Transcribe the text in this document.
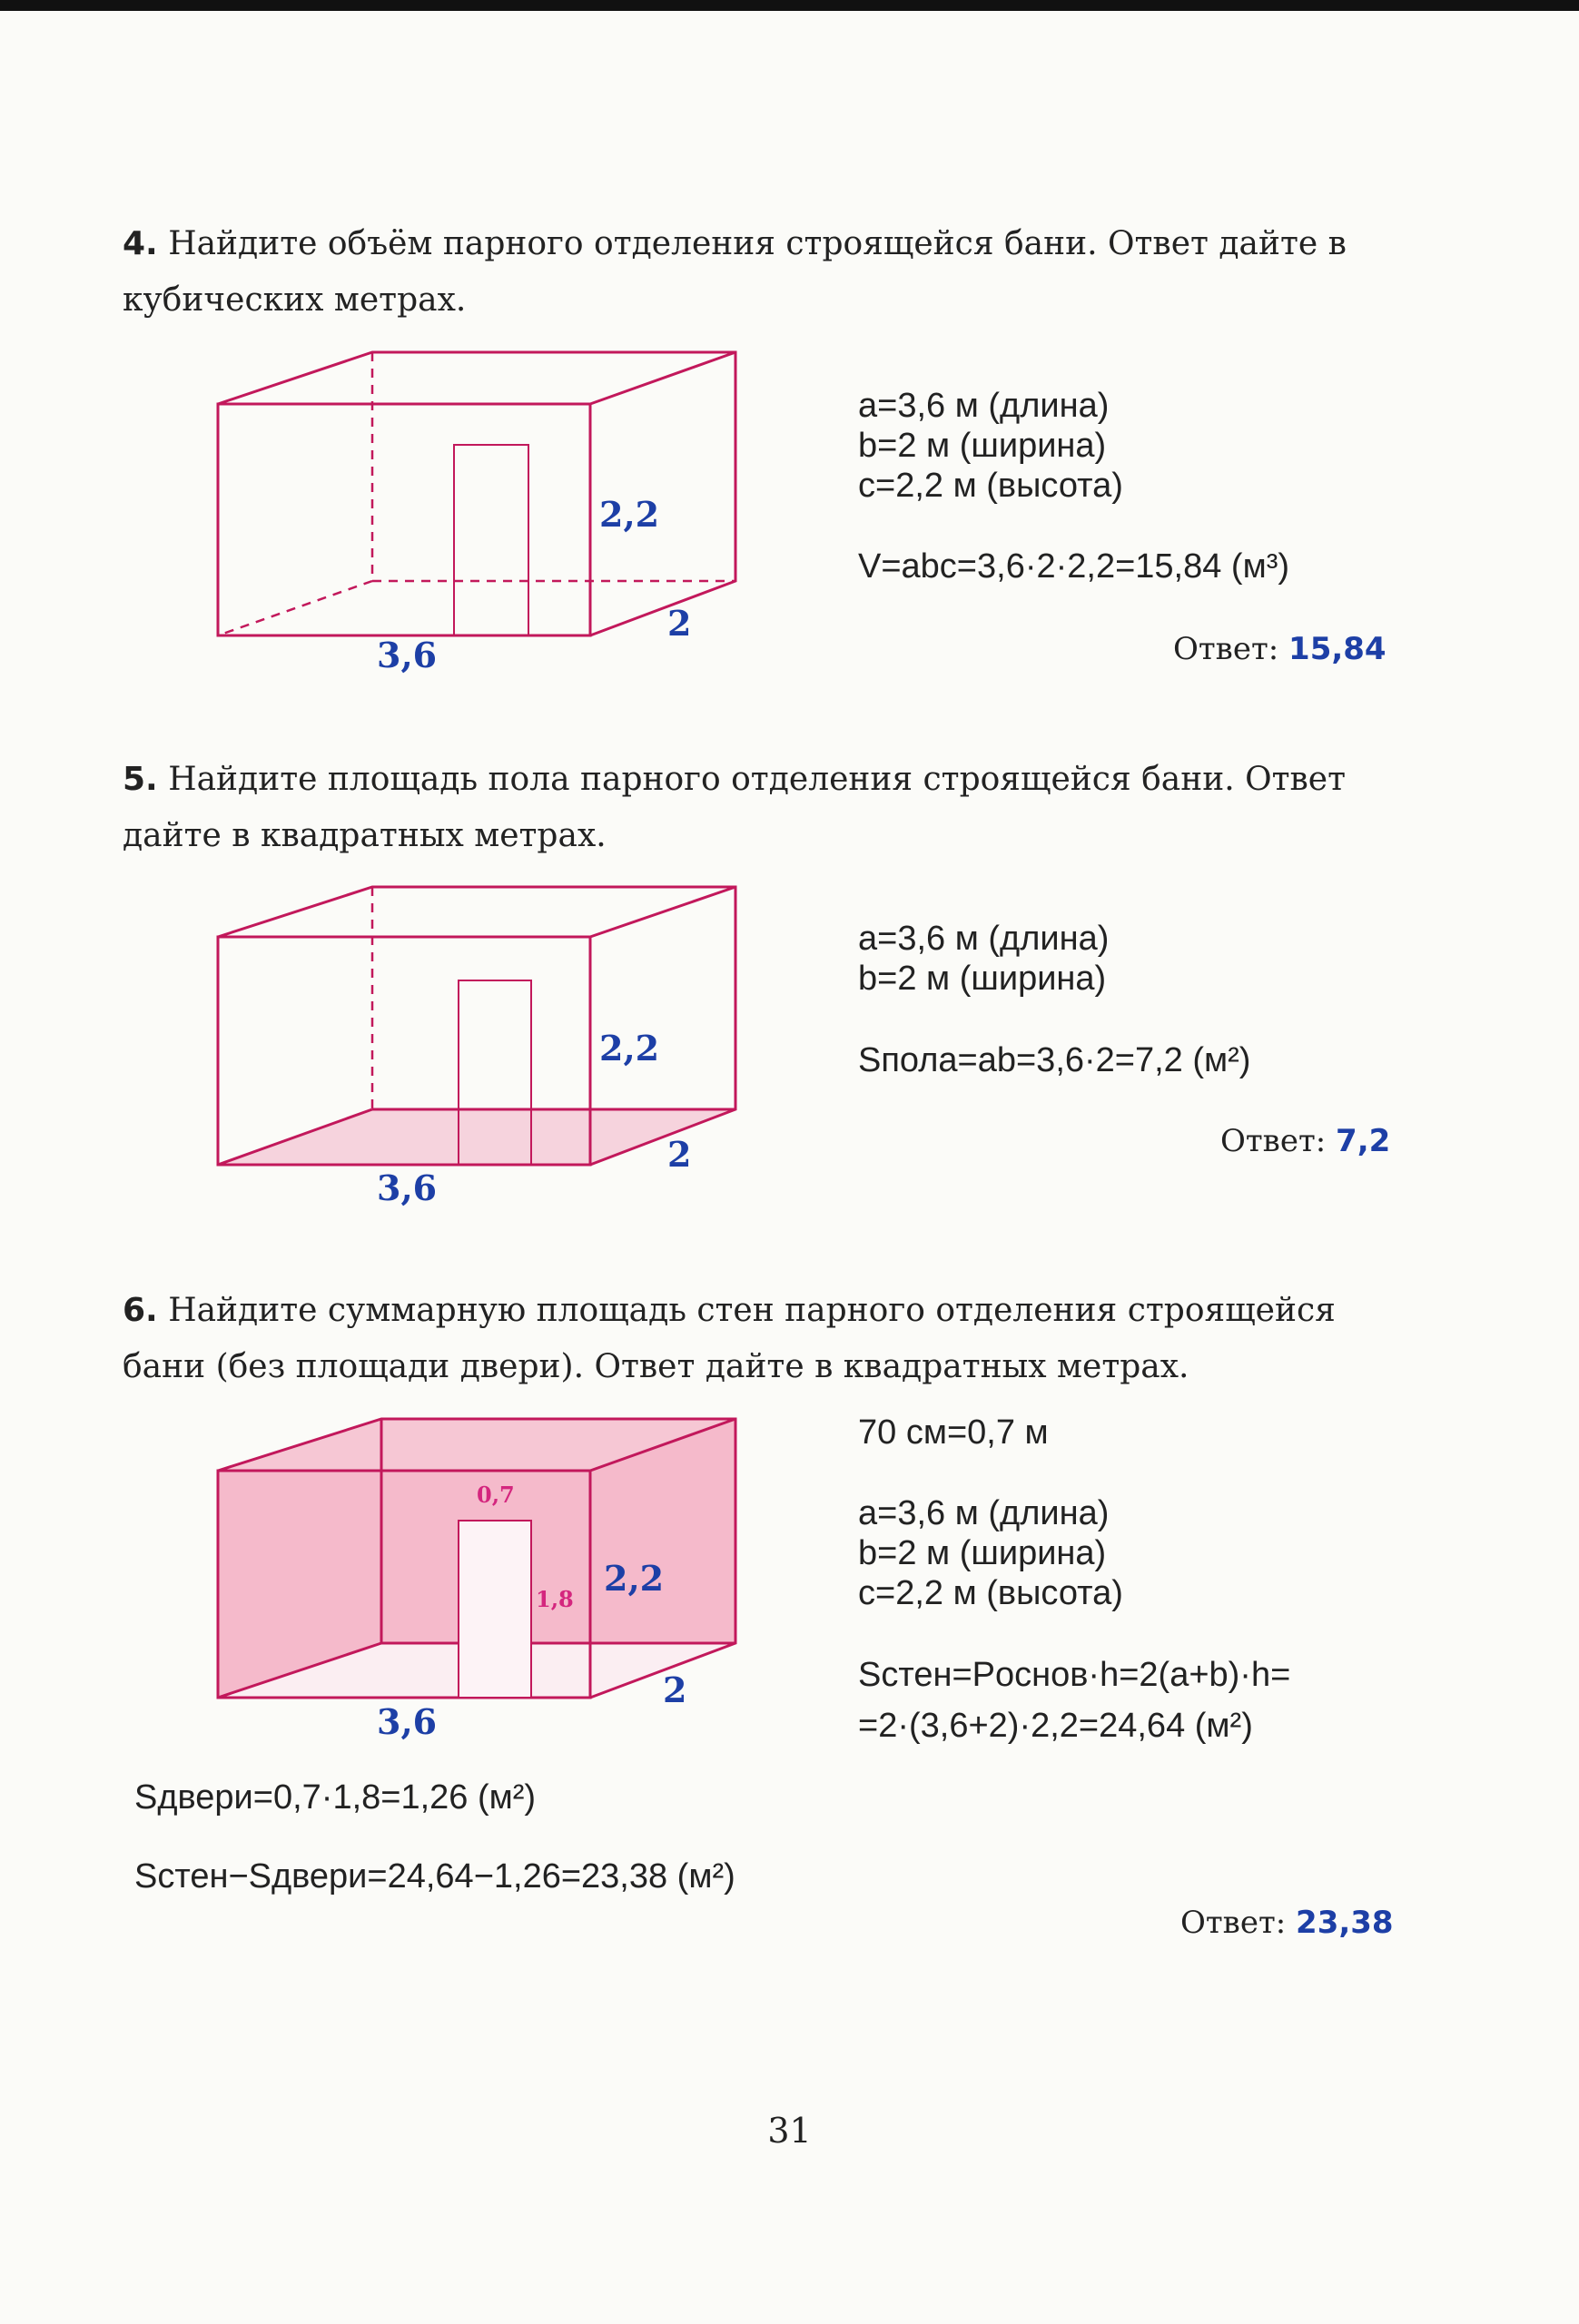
4. Найдите объём парного отделения строящейся бани. Ответ дайте в кубических метрах.
3,6
2
2,2
a=3,6 м (длина)
b=2 м (ширина)
c=2,2 м (высота)
V=abc=3,6·2·2,2=15,84 (м³)
Ответ: 15,84
5. Найдите площадь пола парного отделения строящейся бани. Ответ дайте в квадратных метрах.
3,6
2
2,2
a=3,6 м (длина)
b=2 м (ширина)
Sпола=ab=3,6·2=7,2 (м²)
Ответ: 7,2
6. Найдите суммарную площадь стен парного отделения строящейся бани (без площади двери). Ответ дайте в квадратных метрах.
0,7
1,8
3,6
2
2,2
70 см=0,7 м
a=3,6 м (длина)
b=2 м (ширина)
c=2,2 м (высота)
Sстен=Pоснов·h=2(a+b)·h=
=2·(3,6+2)·2,2=24,64 (м²)
Sдвери=0,7·1,8=1,26 (м²)
Sстен−Sдвери=24,64−1,26=23,38 (м²)
Ответ: 23,38
31
